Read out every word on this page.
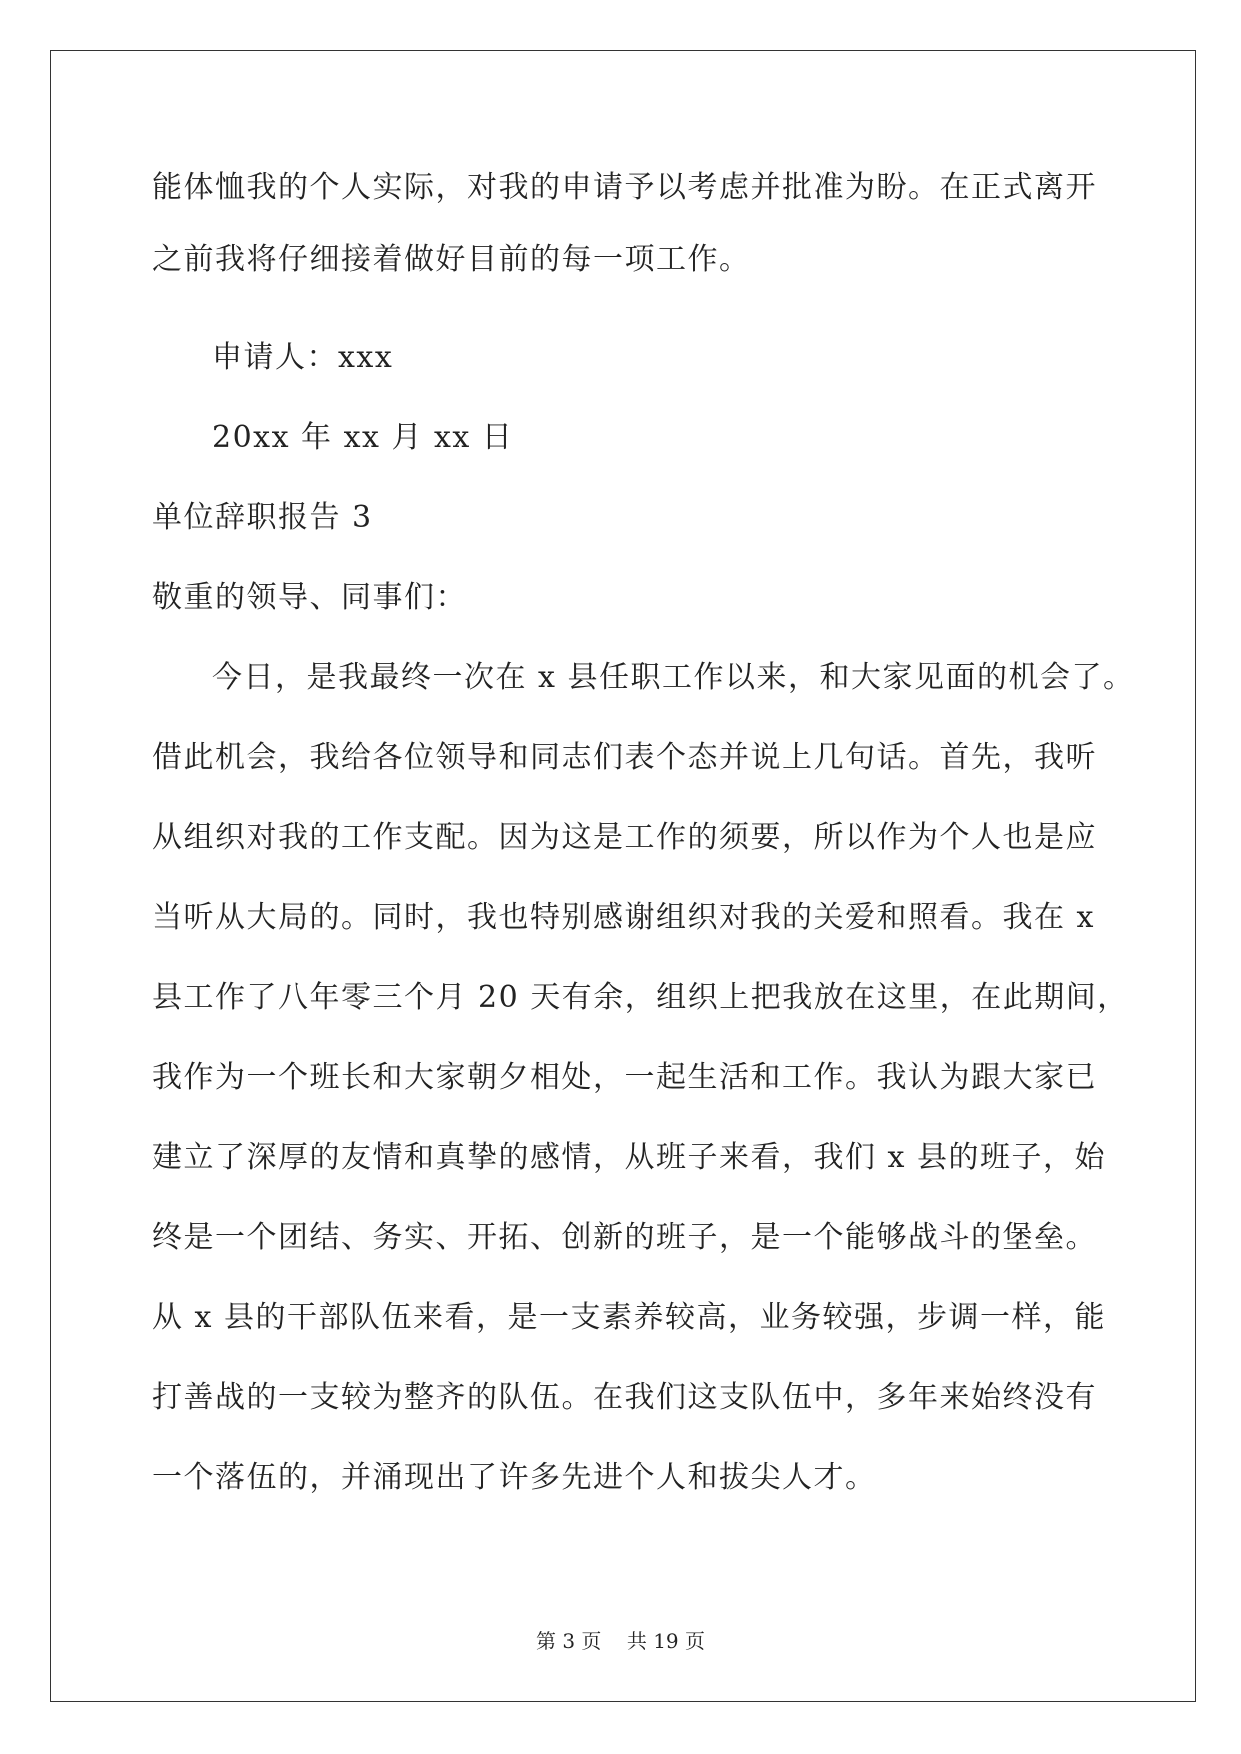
能体恤我的个人实际，对我的申请予以考虑并批准为盼。在正式离开
之前我将仔细接着做好目前的每一项工作。
申请人：xxx
20xx 年 xx 月 xx 日
单位辞职报告 3
敬重的领导、同事们：
今日，是我最终一次在 x 县任职工作以来，和大家见面的机会了。
借此机会，我给各位领导和同志们表个态并说上几句话。首先，我听
从组织对我的工作支配。因为这是工作的须要，所以作为个人也是应
当听从大局的。同时，我也特别感谢组织对我的关爱和照看。我在 x
县工作了八年零三个月 20 天有余，组织上把我放在这里，在此期间，
我作为一个班长和大家朝夕相处，一起生活和工作。我认为跟大家已
建立了深厚的友情和真挚的感情，从班子来看，我们 x 县的班子，始
终是一个团结、务实、开拓、创新的班子，是一个能够战斗的堡垒。
从 x 县的干部队伍来看，是一支素养较高，业务较强，步调一样，能
打善战的一支较为整齐的队伍。在我们这支队伍中，多年来始终没有
一个落伍的，并涌现出了许多先进个人和拔尖人才。
第 3 页    共 19 页
